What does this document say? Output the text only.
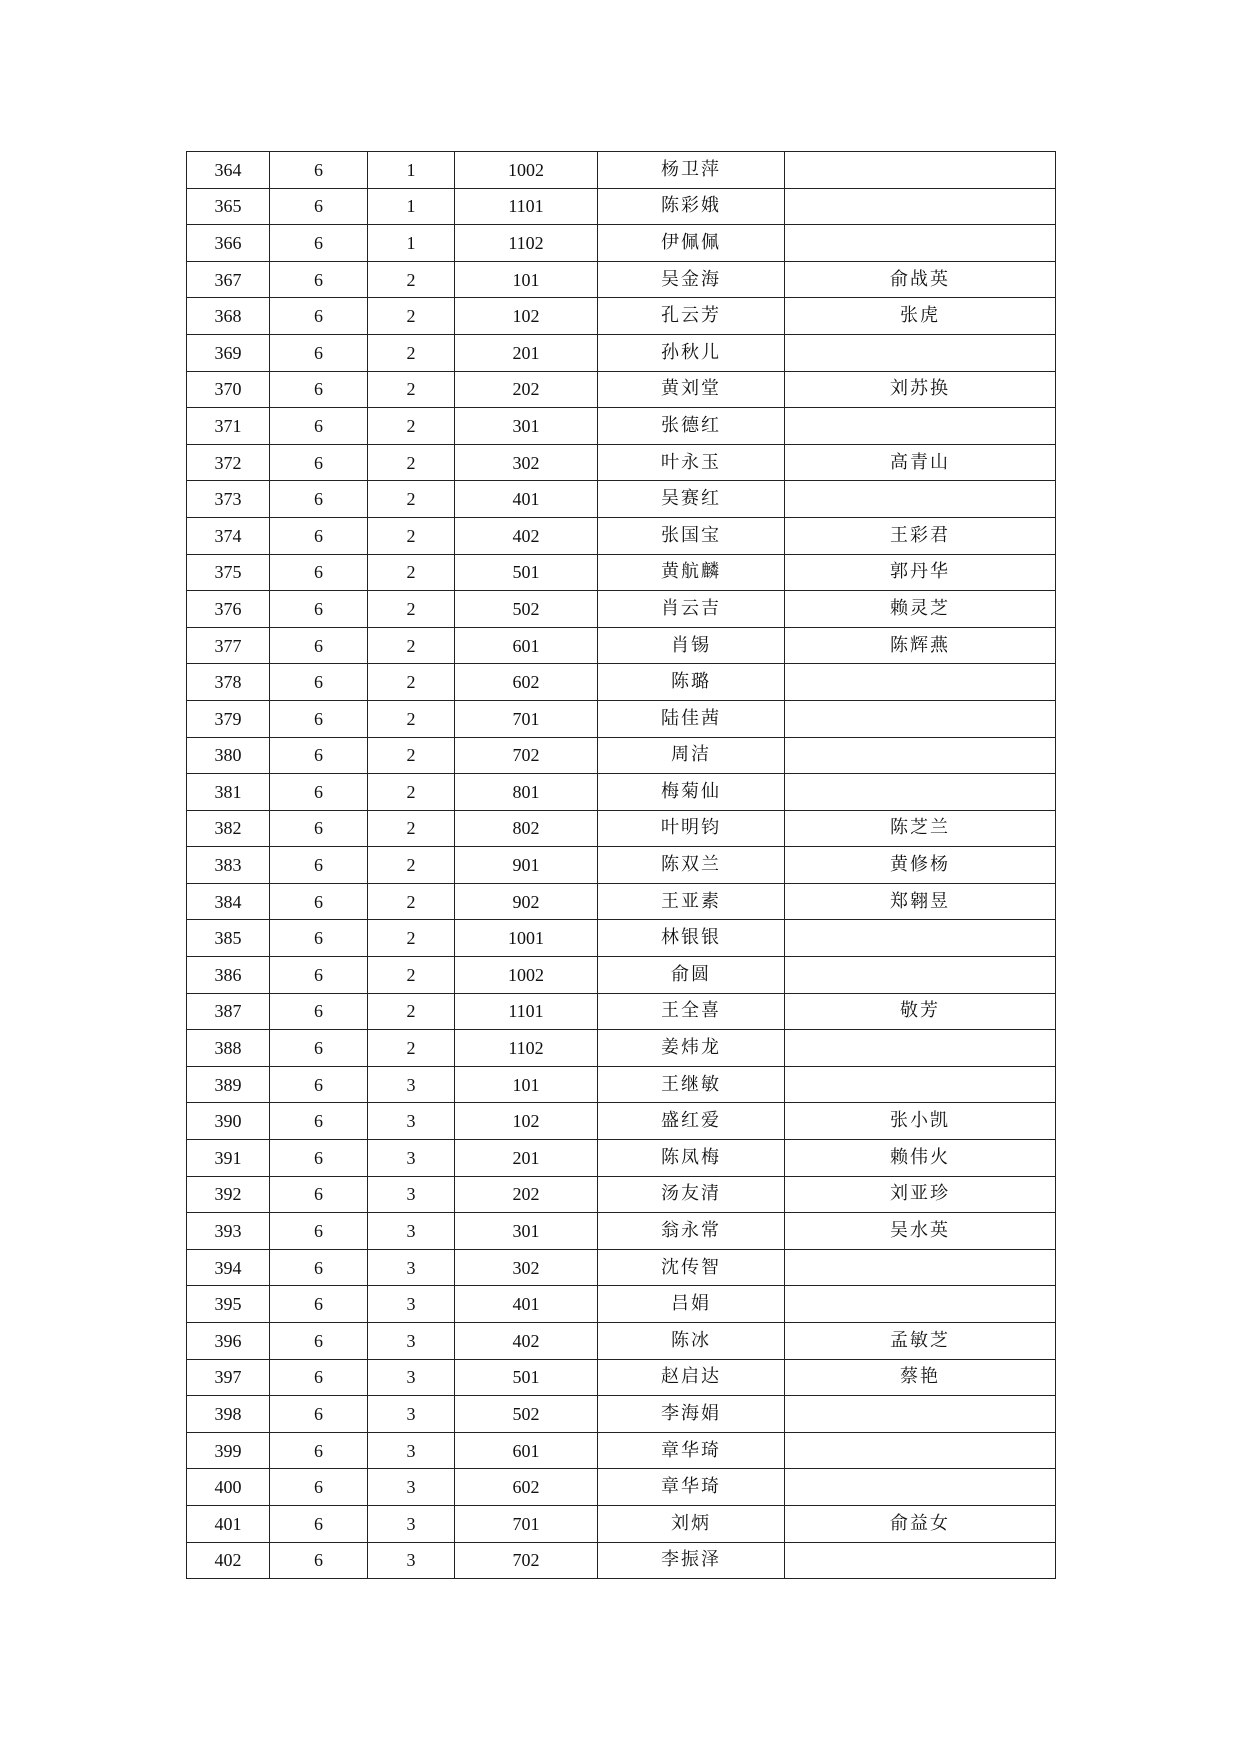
364	6	1	1002	杨卫萍	
365	6	1	1101	陈彩娥	
366	6	1	1102	伊佩佩	
367	6	2	101	吴金海	俞战英
368	6	2	102	孔云芳	张虎
369	6	2	201	孙秋儿	
370	6	2	202	黄刘堂	刘苏换
371	6	2	301	张德红	
372	6	2	302	叶永玉	高青山
373	6	2	401	吴赛红	
374	6	2	402	张国宝	王彩君
375	6	2	501	黄航麟	郭丹华
376	6	2	502	肖云吉	赖灵芝
377	6	2	601	肖锡	陈辉燕
378	6	2	602	陈璐	
379	6	2	701	陆佳茜	
380	6	2	702	周洁	
381	6	2	801	梅菊仙	
382	6	2	802	叶明钧	陈芝兰
383	6	2	901	陈双兰	黄修杨
384	6	2	902	王亚素	郑翱昱
385	6	2	1001	林银银	
386	6	2	1002	俞圆	
387	6	2	1101	王全喜	敬芳
388	6	2	1102	姜炜龙	
389	6	3	101	王继敏	
390	6	3	102	盛红爱	张小凯
391	6	3	201	陈凤梅	赖伟火
392	6	3	202	汤友清	刘亚珍
393	6	3	301	翁永常	吴水英
394	6	3	302	沈传智	
395	6	3	401	吕娟	
396	6	3	402	陈冰	孟敏芝
397	6	3	501	赵启达	蔡艳
398	6	3	502	李海娟	
399	6	3	601	章华琦	
400	6	3	602	章华琦	
401	6	3	701	刘炳	俞益女
402	6	3	702	李振泽	
